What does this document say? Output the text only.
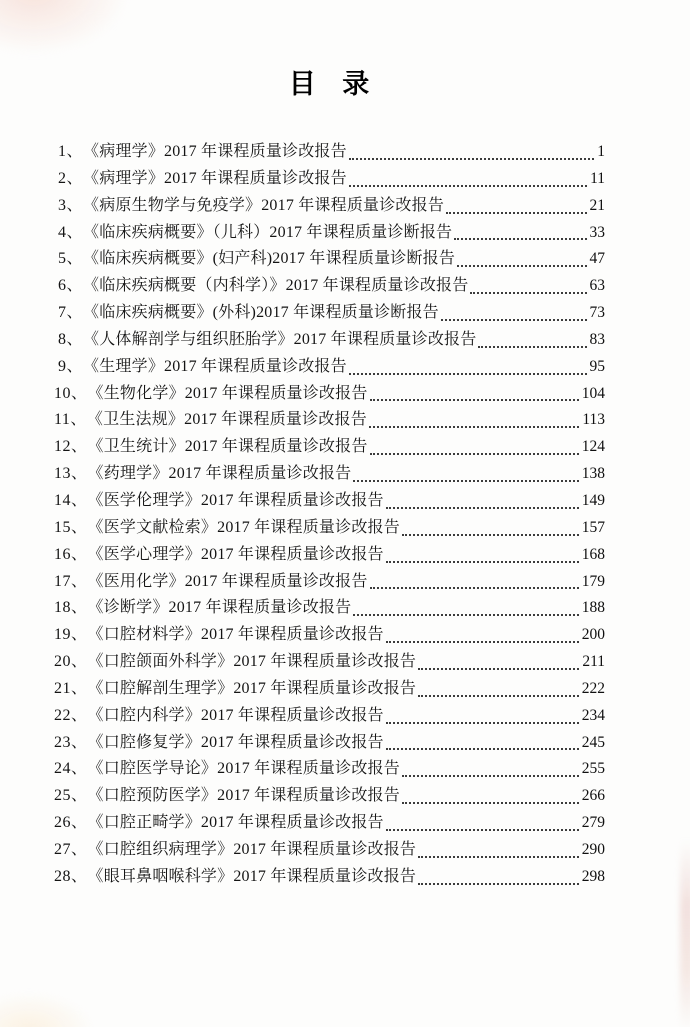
目 录
1、 《病理学》2017 年课程质量诊改报告	1
2、 《病理学》2017 年课程质量诊改报告	11
3、 《病原生物学与免疫学》2017 年课程质量诊改报告	21
4、 《临床疾病概要》（儿科）2017 年课程质量诊断报告	33
5、 《临床疾病概要》(妇产科)2017 年课程质量诊断报告	47
6、 《临床疾病概要（内科学）》2017 年课程质量诊改报告	63
7、 《临床疾病概要》(外科)2017 年课程质量诊断报告	73
8、 《人体解剖学与组织胚胎学》2017 年课程质量诊改报告	83
9、 《生理学》2017 年课程质量诊改报告	95
10、 《生物化学》2017 年课程质量诊改报告	104
11、 《卫生法规》2017 年课程质量诊改报告	113
12、 《卫生统计》2017 年课程质量诊改报告	124
13、 《药理学》2017 年课程质量诊改报告	138
14、 《医学伦理学》2017 年课程质量诊改报告	149
15、 《医学文献检索》2017 年课程质量诊改报告	157
16、 《医学心理学》2017 年课程质量诊改报告	168
17、 《医用化学》2017 年课程质量诊改报告	179
18、 《诊断学》2017 年课程质量诊改报告	188
19、 《口腔材料学》2017 年课程质量诊改报告	200
20、 《口腔颌面外科学》2017 年课程质量诊改报告	211
21、 《口腔解剖生理学》2017 年课程质量诊改报告	222
22、 《口腔内科学》2017 年课程质量诊改报告	234
23、 《口腔修复学》2017 年课程质量诊改报告	245
24、 《口腔医学导论》2017 年课程质量诊改报告	255
25、 《口腔预防医学》2017 年课程质量诊改报告	266
26、 《口腔正畸学》2017 年课程质量诊改报告	279
27、 《口腔组织病理学》2017 年课程质量诊改报告	290
28、 《眼耳鼻咽喉科学》2017 年课程质量诊改报告	298
